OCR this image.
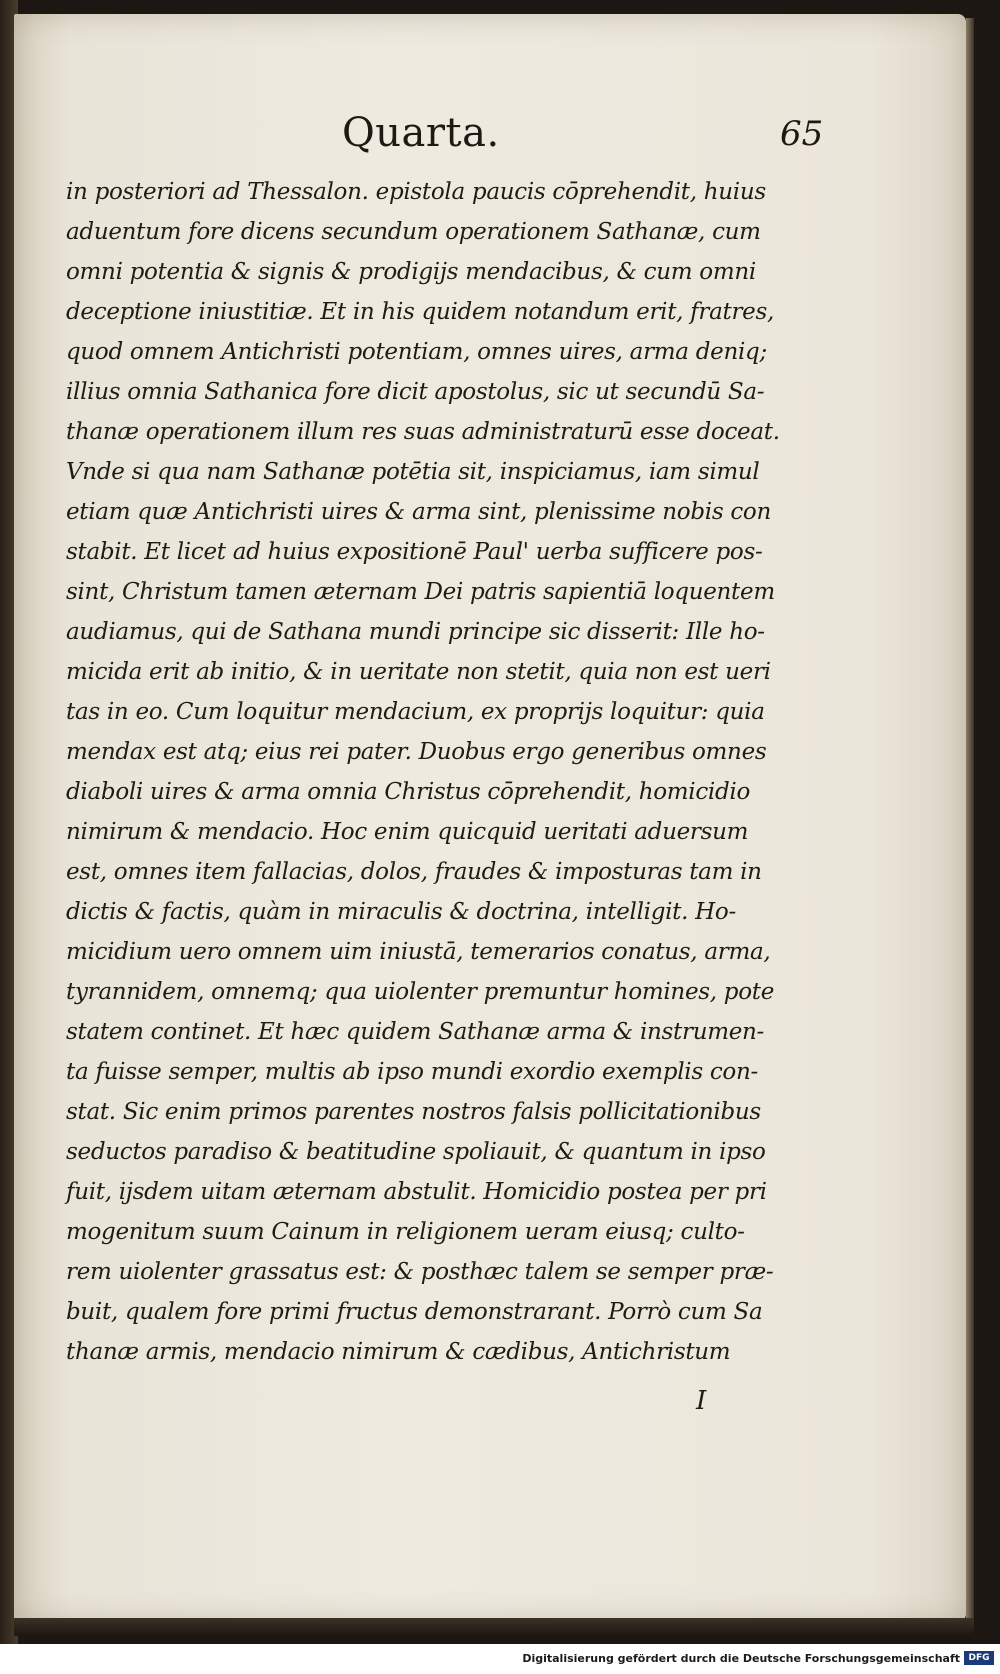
Quarta.	65
in posteriori ad Thessalon. epistola paucis cōprehendit, huius
aduentum fore dicens secundum operationem Sathanæ, cum
omni potentia & signis & prodigijs mendacibus, & cum omni
deceptione iniustitiæ. Et in his quidem notandum erit, fratres,
quod omnem Antichristi potentiam, omnes uires, arma deniq;
illius omnia Sathanica fore dicit apostolus, sic ut secundū Sa-
thanæ operationem illum res suas administraturū esse doceat.
Vnde si qua nam Sathanæ potētia sit, inspiciamus, iam simul
etiam quæ Antichristi uires & arma sint, plenissime nobis con
stabit. Et licet ad huius expositionē Paul' uerba sufficere pos-
sint, Christum tamen æternam Dei patris sapientiā loquentem
audiamus, qui de Sathana mundi principe sic disserit: Ille ho-
micida erit ab initio, & in ueritate non stetit, quia non est ueri
tas in eo. Cum loquitur mendacium, ex proprijs loquitur: quia
mendax est atq; eius rei pater. Duobus ergo generibus omnes
diaboli uires & arma omnia Christus cōprehendit, homicidio
nimirum & mendacio. Hoc enim quicquid ueritati aduersum
est, omnes item fallacias, dolos, fraudes & imposturas tam in
dictis & factis, quàm in miraculis & doctrina, intelligit. Ho-
micidium uero omnem uim iniustā, temerarios conatus, arma,
tyrannidem, omnemq; qua uiolenter premuntur homines, pote
statem continet. Et hæc quidem Sathanæ arma & instrumen-
ta fuisse semper, multis ab ipso mundi exordio exemplis con-
stat. Sic enim primos parentes nostros falsis pollicitationibus
seductos paradiso & beatitudine spoliauit, & quantum in ipso
fuit, ijsdem uitam æternam abstulit. Homicidio postea per pri
mogenitum suum Cainum in religionem ueram eiusq; culto-
rem uiolenter grassatus est: & posthæc talem se semper præ-
buit, qualem fore primi fructus demonstrarant. Porrò cum Sa
thanæ armis, mendacio nimirum & cædibus, Antichristum
I
Digitalisierung gefördert durch die Deutsche Forschungsgemeinschaft DFG
